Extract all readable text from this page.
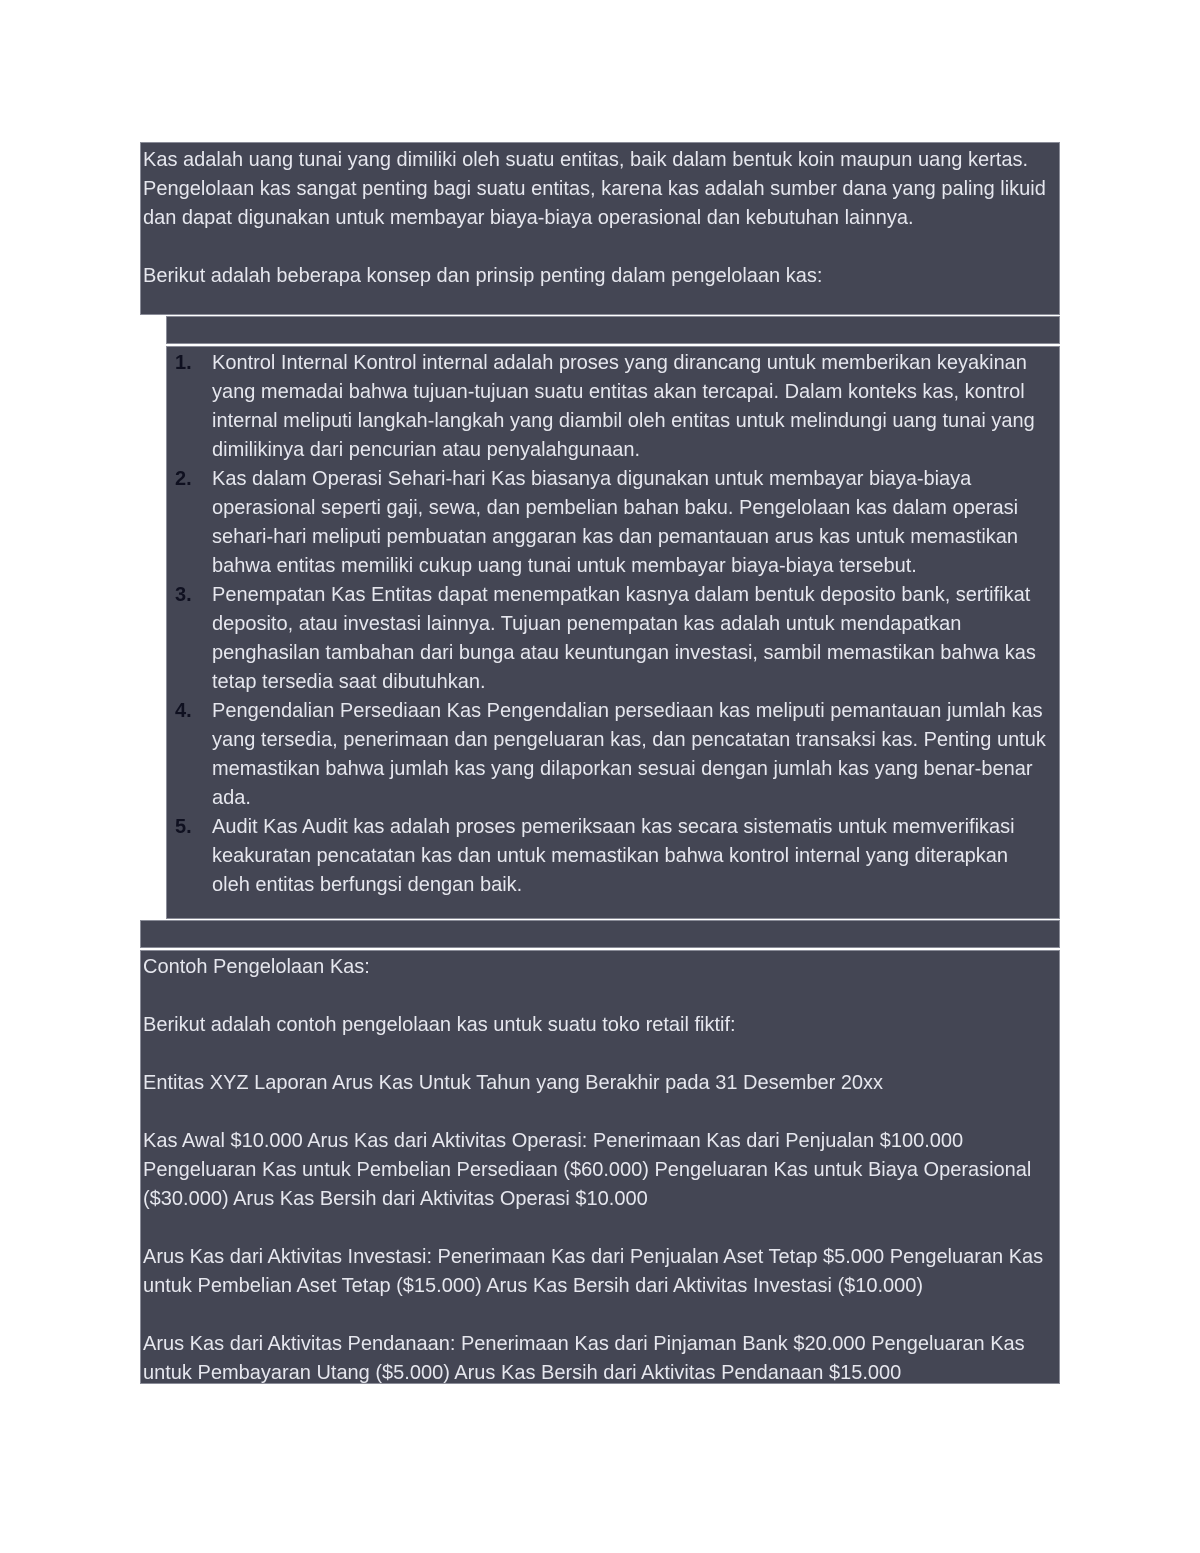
Kas adalah uang tunai yang dimiliki oleh suatu entitas, baik dalam bentuk koin maupun uang kertas. Pengelolaan kas sangat penting bagi suatu entitas, karena kas adalah sumber dana yang paling likuid dan dapat digunakan untuk membayar biaya-biaya operasional dan kebutuhan lainnya.

Berikut adalah beberapa konsep dan prinsip penting dalam pengelolaan kas:

1. Kontrol Internal Kontrol internal adalah proses yang dirancang untuk memberikan keyakinan yang memadai bahwa tujuan-tujuan suatu entitas akan tercapai. Dalam konteks kas, kontrol internal meliputi langkah-langkah yang diambil oleh entitas untuk melindungi uang tunai yang dimilikinya dari pencurian atau penyalahgunaan.
2. Kas dalam Operasi Sehari-hari Kas biasanya digunakan untuk membayar biaya-biaya operasional seperti gaji, sewa, dan pembelian bahan baku. Pengelolaan kas dalam operasi sehari-hari meliputi pembuatan anggaran kas dan pemantauan arus kas untuk memastikan bahwa entitas memiliki cukup uang tunai untuk membayar biaya-biaya tersebut.
3. Penempatan Kas Entitas dapat menempatkan kasnya dalam bentuk deposito bank, sertifikat deposito, atau investasi lainnya. Tujuan penempatan kas adalah untuk mendapatkan penghasilan tambahan dari bunga atau keuntungan investasi, sambil memastikan bahwa kas tetap tersedia saat dibutuhkan.
4. Pengendalian Persediaan Kas Pengendalian persediaan kas meliputi pemantauan jumlah kas yang tersedia, penerimaan dan pengeluaran kas, dan pencatatan transaksi kas. Penting untuk memastikan bahwa jumlah kas yang dilaporkan sesuai dengan jumlah kas yang benar-benar ada.
5. Audit Kas Audit kas adalah proses pemeriksaan kas secara sistematis untuk memverifikasi keakuratan pencatatan kas dan untuk memastikan bahwa kontrol internal yang diterapkan oleh entitas berfungsi dengan baik.

Contoh Pengelolaan Kas:

Berikut adalah contoh pengelolaan kas untuk suatu toko retail fiktif:

Entitas XYZ Laporan Arus Kas Untuk Tahun yang Berakhir pada 31 Desember 20xx

Kas Awal $10.000 Arus Kas dari Aktivitas Operasi: Penerimaan Kas dari Penjualan $100.000 Pengeluaran Kas untuk Pembelian Persediaan ($60.000) Pengeluaran Kas untuk Biaya Operasional ($30.000) Arus Kas Bersih dari Aktivitas Operasi $10.000

Arus Kas dari Aktivitas Investasi: Penerimaan Kas dari Penjualan Aset Tetap $5.000 Pengeluaran Kas untuk Pembelian Aset Tetap ($15.000) Arus Kas Bersih dari Aktivitas Investasi ($10.000)

Arus Kas dari Aktivitas Pendanaan: Penerimaan Kas dari Pinjaman Bank $20.000 Pengeluaran Kas untuk Pembayaran Utang ($5.000) Arus Kas Bersih dari Aktivitas Pendanaan $15.000
